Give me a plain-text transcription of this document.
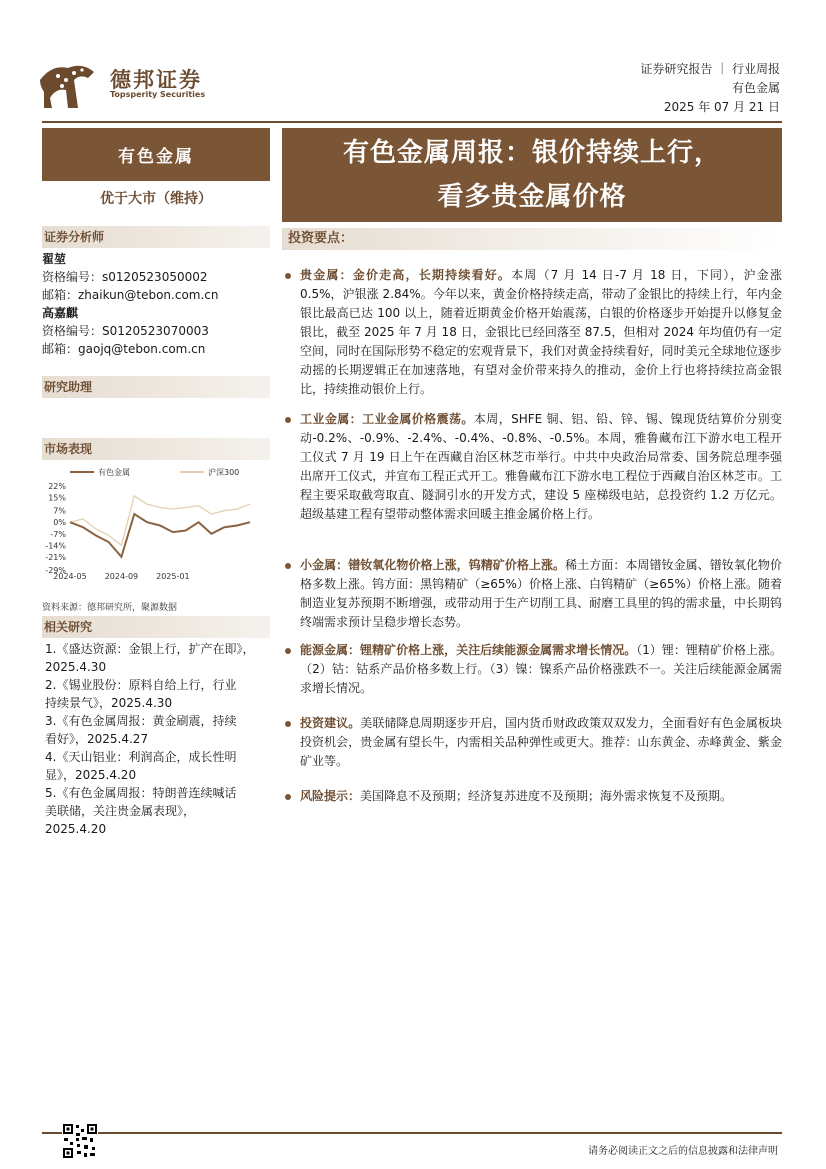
德邦证券
Topsperity Securities
证券研究报告 ｜ 行业周报
有色金属
2025 年 07 月 21 日
有色金属
优于大市（维持）
证券分析师
翟堃
资格编号：s0120523050002
邮箱：zhaikun@tebon.com.cn
高嘉麒
资格编号：S0120523070003
邮箱：gaojq@tebon.com.cn
研究助理
市场表现
有色金属	沪深300
22%
15%
7%
0%
-7%
-14%
-21%
-29%
2024-05 2024-09 2025-01
资料来源：德邦研究所，聚源数据
相关研究
1.《盛达资源：金银上行，扩产在即》，
2025.4.30
2.《锡业股份：原料自给上行，行业
持续景气》，2025.4.30
3.《有色金属周报：黄金刷震，持续
看好》，2025.4.27
4.《天山铝业：利润高企，成长性明
显》，2025.4.20
5.《有色金属周报：特朗普连续喊话
美联储，关注贵金属表现》，
2025.4.20
有色金属周报：银价持续上行，
看多贵金属价格
投资要点：
贵金属：金价走高，长期持续看好。本周（7 月 14 日-7 月 18 日，下同），沪金涨 0.5%，沪银涨 2.84%。今年以来，黄金价格持续走高，带动了金银比的持续上行，年内金银比最高已达 100 以上，随着近期黄金价格开始震荡，白银的价格逐步开始提升以修复金银比，截至 2025 年 7 月 18 日，金银比已经回落至 87.5，但相对 2024 年均值仍有一定空间，同时在国际形势不稳定的宏观背景下，我们对黄金持续看好，同时美元全球地位逐步动摇的长期逻辑正在加速落地，有望对金价带来持久的推动，金价上行也将持续拉高金银比，持续推动银价上行。
工业金属：工业金属价格震荡。本周，SHFE 铜、铝、铅、锌、锡、镍现货结算价分别变动-0.2%、-0.9%、-2.4%、-0.4%、-0.8%、-0.5%。本周，雅鲁藏布江下游水电工程开工仪式 7 月 19 日上午在西藏自治区林芝市举行。中共中央政治局常委、国务院总理李强出席开工仪式，并宣布工程正式开工。雅鲁藏布江下游水电工程位于西藏自治区林芝市。工程主要采取截弯取直、隧洞引水的开发方式，建设 5 座梯级电站，总投资约 1.2 万亿元。超级基建工程有望带动整体需求回暖主推金属价格上行。
小金属：镨钕氧化物价格上涨，钨精矿价格上涨。稀土方面：本周镨钕金属、镨钕氧化物价格多数上涨。钨方面：黑钨精矿（≥65%）价格上涨、白钨精矿（≥65%）价格上涨。随着制造业复苏预期不断增强，或带动用于生产切削工具、耐磨工具里的钨的需求量，中长期钨终端需求预计呈稳步增长态势。
能源金属：锂精矿价格上涨，关注后续能源金属需求增长情况。（1）锂：锂精矿价格上涨。（2）钴：钴系产品价格多数上行。（3）镍：镍系产品价格涨跌不一。关注后续能源金属需求增长情况。
投资建议。美联储降息周期逐步开启，国内货币财政政策双双发力，全面看好有色金属板块投资机会，贵金属有望长牛，内需相关品种弹性或更大。推荐：山东黄金、赤峰黄金、紫金矿业等。
风险提示：美国降息不及预期；经济复苏进度不及预期；海外需求恢复不及预期。
请务必阅读正文之后的信息披露和法律声明
